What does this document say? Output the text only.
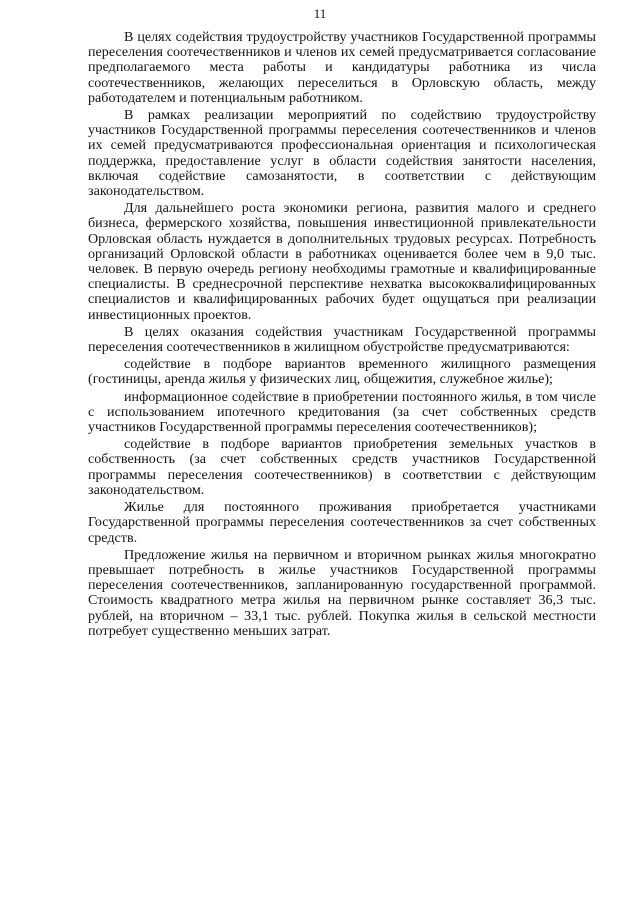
11

В целях содействия трудоустройству участников Государственной программы переселения соотечественников и членов их семей предусматривается согласование предполагаемого места работы и кандидатуры работника из числа соотечественников, желающих переселиться в Орловскую область, между работодателем и потенциальным работником.

В рамках реализации мероприятий по содействию трудоустройству участников Государственной программы переселения соотечественников и членов их семей предусматриваются профессиональная ориентация и психологическая поддержка, предоставление услуг в области содействия занятости населения, включая содействие самозанятости, в соответствии с действующим законодательством.

Для дальнейшего роста экономики региона, развития малого и среднего бизнеса, фермерского хозяйства, повышения инвестиционной привлекательности Орловская область нуждается в дополнительных трудовых ресурсах. Потребность организаций Орловской области в работниках оценивается более чем в 9,0 тыс. человек. В первую очередь региону необходимы грамотные и квалифицированные специалисты. В среднесрочной перспективе нехватка высококвалифицированных специалистов и квалифицированных рабочих будет ощущаться при реализации инвестиционных проектов.

В целях оказания содействия участникам Государственной программы переселения соотечественников в жилищном обустройстве предусматриваются:

содействие в подборе вариантов временного жилищного размещения (гостиницы, аренда жилья у физических лиц, общежития, служебное жилье);

информационное содействие в приобретении постоянного жилья, в том числе с использованием ипотечного кредитования (за счет собственных средств участников Государственной программы переселения соотечественников);

содействие в подборе вариантов приобретения земельных участков в собственность (за счет собственных средств участников Государственной программы переселения соотечественников) в соответствии с действующим законодательством.

Жилье для постоянного проживания приобретается участниками Государственной программы переселения соотечественников за счет собственных средств.

Предложение жилья на первичном и вторичном рынках жилья многократно превышает потребность в жилье участников Государственной программы переселения соотечественников, запланированную государственной программой. Стоимость квадратного метра жилья на первичном рынке составляет 36,3 тыс. рублей, на вторичном – 33,1 тыс. рублей. Покупка жилья в сельской местности потребует существенно меньших затрат.
